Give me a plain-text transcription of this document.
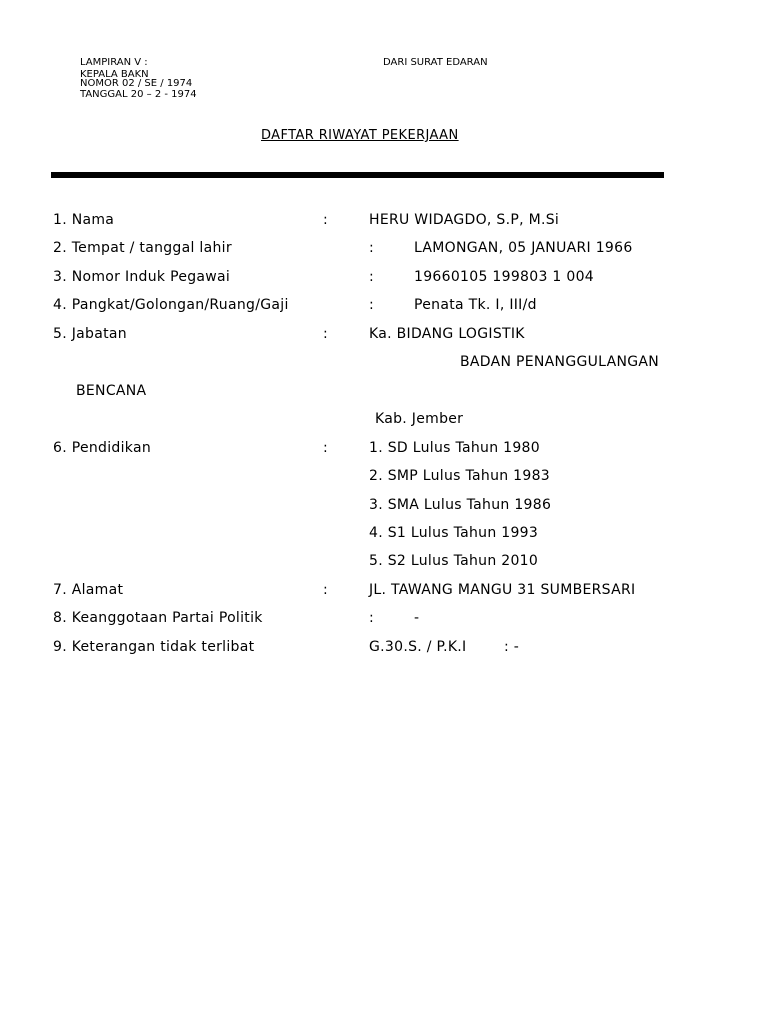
LAMPIRAN V :
KEPALA BAKN
NOMOR 02 / SE / 1974
TANGGAL 20 – 2 - 1974
DARI SURAT EDARAN
DAFTAR RIWAYAT PEKERJAAN
1. Nama	:	HERU WIDAGDO, S.P, M.Si
2. Tempat / tanggal lahir	:	LAMONGAN, 05 JANUARI 1966
3. Nomor Induk Pegawai	:	19660105 199803 1 004
4. Pangkat/Golongan/Ruang/Gaji	:	Penata Tk. I, III/d
5. Jabatan	:	Ka. BIDANG LOGISTIK
BADAN PENANGGULANGAN
BENCANA
Kab. Jember
6. Pendidikan	:	1. SD Lulus Tahun 1980
2. SMP Lulus Tahun 1983
3. SMA Lulus Tahun 1986
4. S1 Lulus Tahun 1993
5. S2 Lulus Tahun 2010
7. Alamat	:	JL. TAWANG MANGU 31 SUMBERSARI
8. Keanggotaan Partai Politik	:	-
9. Keterangan tidak terlibat	G.30.S. / P.K.I	: -
